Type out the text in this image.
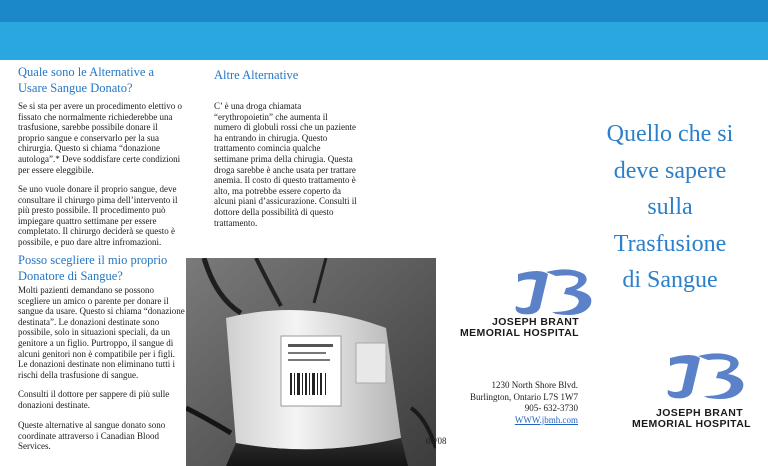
Quale sono le Alternative a
Usare Sangue Donato?
Se si sta per avere un procedimento elettivo o
fissato che normalmente richiederebbe una
trasfusione, sarebbe possibile donare il
proprio sangue e conservarlo per la sua
chirurgia. Questo si chiama “donazione
autologa”.* Deve soddisfare certe condizioni
per essere eleggibile.
Se uno vuole donare il proprio sangue, deve
consultare il chirurgo pima dell’intervento il
più presto possibile. Il procedimento può
impiegare quattro settimane per essere
completato. Il chirurgo deciderà se questo è
possibile, e puo dare altre infromazioni.
Posso scegliere il mio proprio
Donatore di Sangue?
Molti pazienti demandano se possono
scegliere un amico o parente per donare il
sangue da usare. Questo si chiama “donazione
destinata”. Le donazioni destinate sono
possibile, solo in situazioni speciali, da un
genitore a un figlio. Purtroppo, il sangue di
alcuni genitori non è compatibile per i figli.
Le donazioni destinate non eliminano tutti i
rischi della trasfusione di sangue.
Consulti il dottore per sappere di più sulle
donazioni destinate.
Queste alternative al sangue donato sono
coordinate attraverso i Canadian Blood
Services.
Altre Alternative
C’ è una droga chiamata
“erythropoietin” che aumenta il
numero di globuli rossi che un paziente
ha entrando in chirugia. Questo
trattamento comincia qualche
settimane prima della chirugia. Questa
droga sarebbe è anche usata per trattare
anemia. Il costo di questo trattamento è
alto, ma potrebbe essere coperto da
alcuni piani d’assicurazione. Consulti il
dottore della possibilità di questo
trattamento.
JOSEPH BRANT
MEMORIAL HOSPITAL
1230 North Shore Blvd.
Burlington, Ontario L7S 1W7
905- 632-3730
WWW.jbmh.com
06/08
Quello che si
deve sapere
sulla
Trasfusione
di Sangue
JOSEPH BRANT
MEMORIAL HOSPITAL
